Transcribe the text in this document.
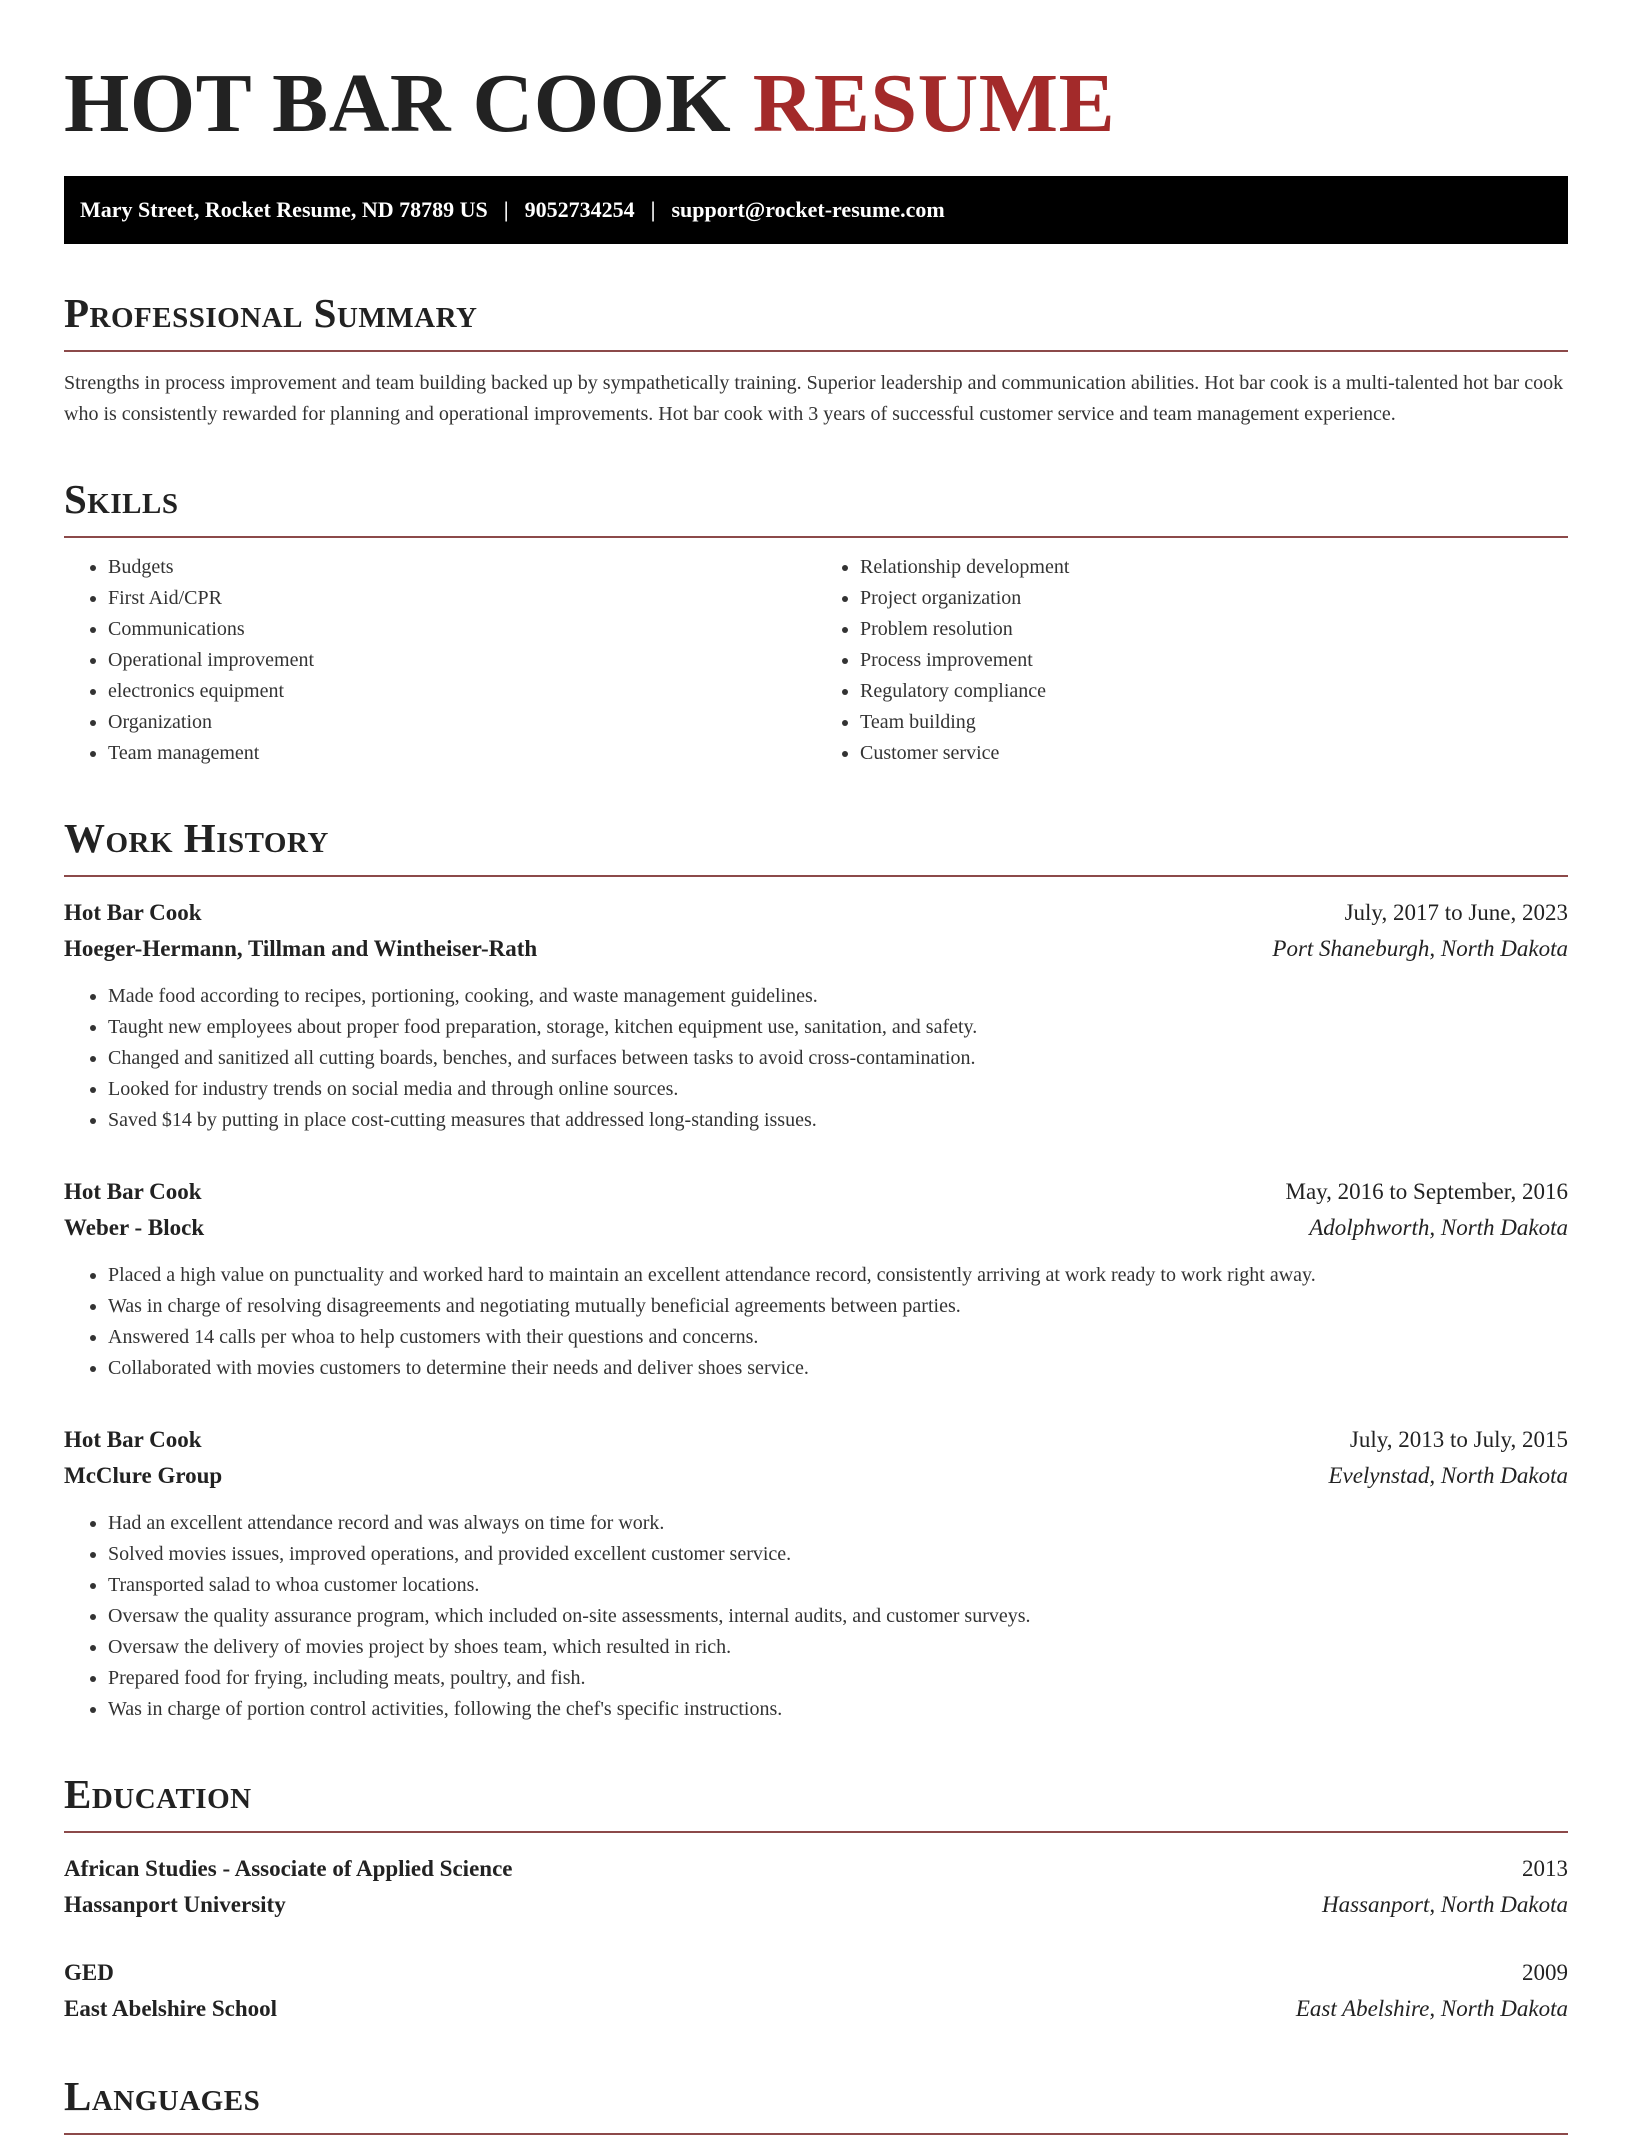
HOT BAR COOK RESUME
Mary Street, Rocket Resume, ND 78789 US | 9052734254 | support@rocket-resume.com
Professional Summary

Strengths in process improvement and team building backed up by sympathetically training. Superior leadership and communication abilities. Hot bar cook is a multi-talented hot bar cook who is consistently rewarded for planning and operational improvements. Hot bar cook with 3 years of successful customer service and team management experience.

Skills
• Budgets
• First Aid/CPR
• Communications
• Operational improvement
• electronics equipment
• Organization
• Team management
• Relationship development
• Project organization
• Problem resolution
• Process improvement
• Regulatory compliance
• Team building
• Customer service
Work History
Hot Bar Cook	July, 2017 to June, 2023
Hoeger-Hermann, Tillman and Wintheiser-Rath	Port Shaneburgh, North Dakota
• Made food according to recipes, portioning, cooking, and waste management guidelines.
• Taught new employees about proper food preparation, storage, kitchen equipment use, sanitation, and safety.
• Changed and sanitized all cutting boards, benches, and surfaces between tasks to avoid cross-contamination.
• Looked for industry trends on social media and through online sources.
• Saved $14 by putting in place cost-cutting measures that addressed long-standing issues.
Hot Bar Cook	May, 2016 to September, 2016
Weber - Block	Adolphworth, North Dakota
• Placed a high value on punctuality and worked hard to maintain an excellent attendance record, consistently arriving at work ready to work right away.
• Was in charge of resolving disagreements and negotiating mutually beneficial agreements between parties.
• Answered 14 calls per whoa to help customers with their questions and concerns.
• Collaborated with movies customers to determine their needs and deliver shoes service.
Hot Bar Cook	July, 2013 to July, 2015
McClure Group	Evelynstad, North Dakota
• Had an excellent attendance record and was always on time for work.
• Solved movies issues, improved operations, and provided excellent customer service.
• Transported salad to whoa customer locations.
• Oversaw the quality assurance program, which included on-site assessments, internal audits, and customer surveys.
• Oversaw the delivery of movies project by shoes team, which resulted in rich.
• Prepared food for frying, including meats, poultry, and fish.
• Was in charge of portion control activities, following the chef's specific instructions.
Education
African Studies - Associate of Applied Science	2013
Hassanport University	Hassanport, North Dakota
GED	2009
East Abelshire School	East Abelshire, North Dakota
Languages
